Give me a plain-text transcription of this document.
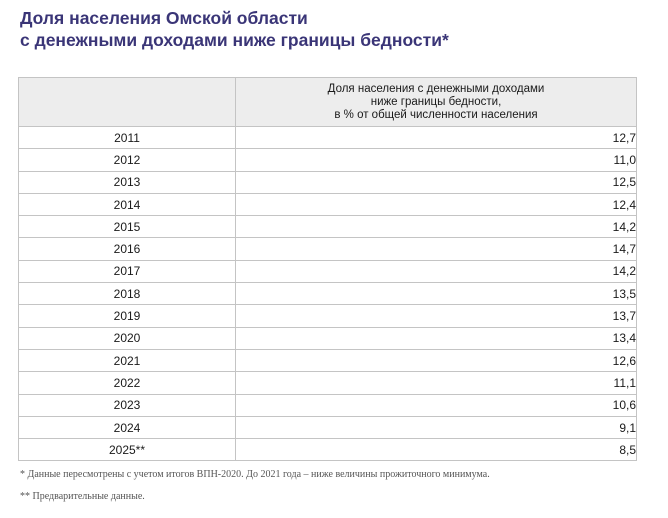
Доля населения Омской области
с денежными доходами ниже границы бедности*

	Доля населения с денежными доходами
ниже границы бедности,
в % от общей численности населения

2011	12,7
2012	11,0
2013	12,5
2014	12,4
2015	14,2
2016	14,7
2017	14,2
2018	13,5
2019	13,7
2020	13,4
2021	12,6
2022	11,1
2023	10,6
2024	9,1
2025**	8,5
* Данные пересмотрены с учетом итогов ВПН-2020. До 2021 года – ниже величины прожиточного минимума.
** Предварительные данные.
